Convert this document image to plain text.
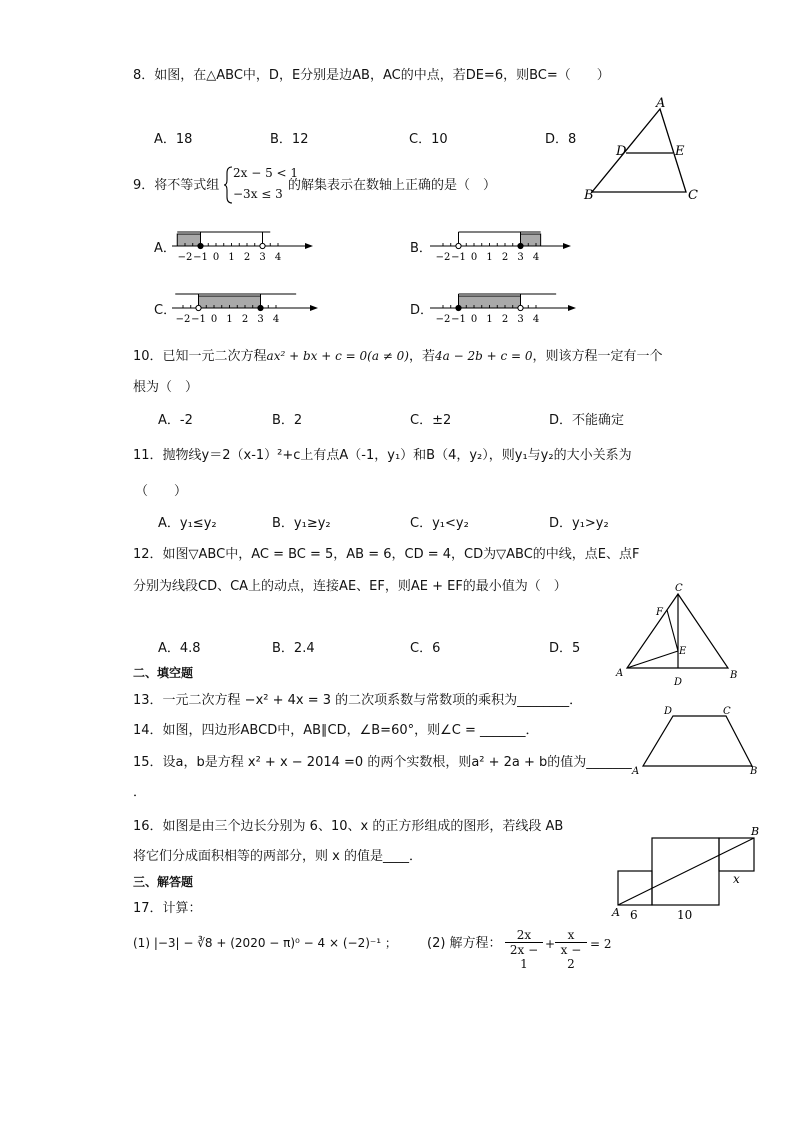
8．如图，在△ABC中，D，E分别是边AB，AC的中点，若DE=6，则BC=（　　）
A．18	B．12	C．10	D．8
A
D	E
B	C
9．将不等式组
2x − 5 < 1
−3x ≤ 3
的解集表示在数轴上正确的是（　）
A．	B．
C．	D．
−2 −1 0 1 2 3 4	−2 −1 0 1 2 3 4
−2 −1 0 1 2 3 4	−2 −1 0 1 2 3 4
10．已知一元二次方程ax² + bx + c = 0(a ≠ 0)，若4a − 2b + c = 0，则该方程一定有一个
根为（　）
A．-2	B．2	C．±2	D．不能确定
11．抛物线y＝2（x-1）²+c上有点A（-1，y₁）和B（4，y₂），则y₁与y₂的大小关系为
（　　）
A．y₁≤y₂	B．y₁≥y₂	C．y₁<y₂	D．y₁>y₂
12．如图▽ABC中，AC = BC = 5，AB = 6，CD = 4，CD为▽ABC的中线，点E、点F
分别为线段CD、CA上的动点，连接AE、EF，则AE + EF的最小值为（　）
A．4.8	B．2.4	C．6	D．5
C
F
E
A
D
B
二、填空题
13．一元二次方程 −x² + 4x = 3 的二次项系数与常数项的乘积为________．
14．如图，四边形ABCD中，AB∥CD，∠B=60°，则∠C = _______．
D	C
A	B
15．设a，b是方程 x² + x − 2014 =0 的两个实数根，则a² + 2a + b的值为_______
．
16．如图是由三个边长分别为 6、10、x 的正方形组成的图形，若线段 AB
将它们分成面积相等的两部分，则 x 的值是____．
B
A
x
6	10
三、解答题
17．计算：
(1) |−3| − ∛8 + (2020 − π)⁰ − 4 × (−2)⁻¹ ； (2) 解方程： $\frac{2x}{2x - 1} + \frac{x}{x - 2} = 2$
